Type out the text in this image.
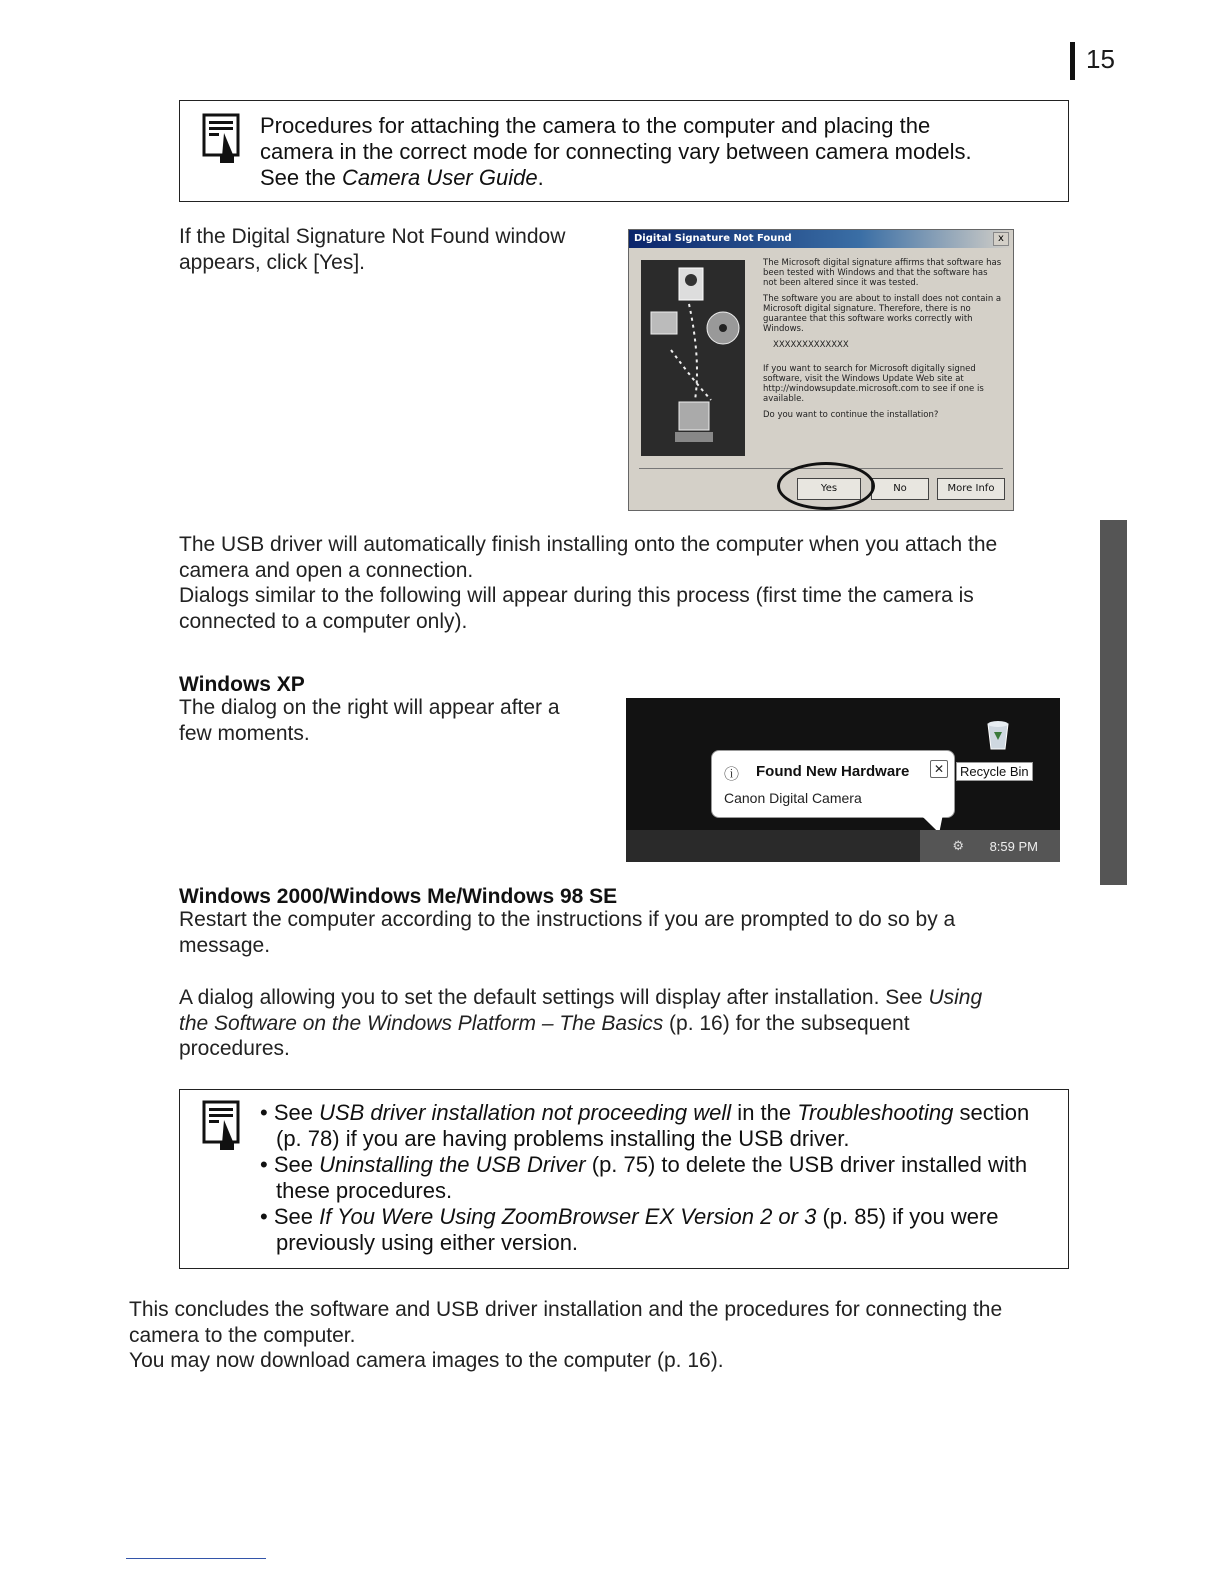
15
Procedures for attaching the camera to the computer and placing the
camera in the correct mode for connecting vary between camera models.
See the Camera User Guide.
If the Digital Signature Not Found window
appears, click [Yes].
Digital Signature Not Found	x

The Microsoft digital signature affirms that software has been tested with Windows and that the software has not been altered since it was tested.

The software you are about to install does not contain a Microsoft digital signature. Therefore, there is no guarantee that this software works correctly with Windows.

XXXXXXXXXXXXX

If you want to search for Microsoft digitally signed software, visit the Windows Update Web site at http://windowsupdate.microsoft.com to see if one is available.

Do you want to continue the installation?

Yes	No	More Info
The USB driver will automatically finish installing onto the computer when you attach the
camera and open a connection.
Dialogs similar to the following will appear during this process (first time the camera is
connected to a computer only).
Windows XP
The dialog on the right will appear after a
few moments.
Recycle Bin
ⓘ Found New Hardware	✕
Canon Digital Camera
⚙ 8:59 PM
Windows 2000/Windows Me/Windows 98 SE
Restart the computer according to the instructions if you are prompted to do so by a
message.
A dialog allowing you to set the default settings will display after installation. See Using
the Software on the Windows Platform – The Basics (p. 16) for the subsequent
procedures.
• See USB driver installation not proceeding well in the Troubleshooting section (p. 78) if you are having problems installing the USB driver.
• See Uninstalling the USB Driver (p. 75) to delete the USB driver installed with these procedures.
• See If You Were Using ZoomBrowser EX Version 2 or 3 (p. 85) if you were previously using either version.
This concludes the software and USB driver installation and the procedures for connecting the
camera to the computer.
You may now download camera images to the computer (p. 16).
